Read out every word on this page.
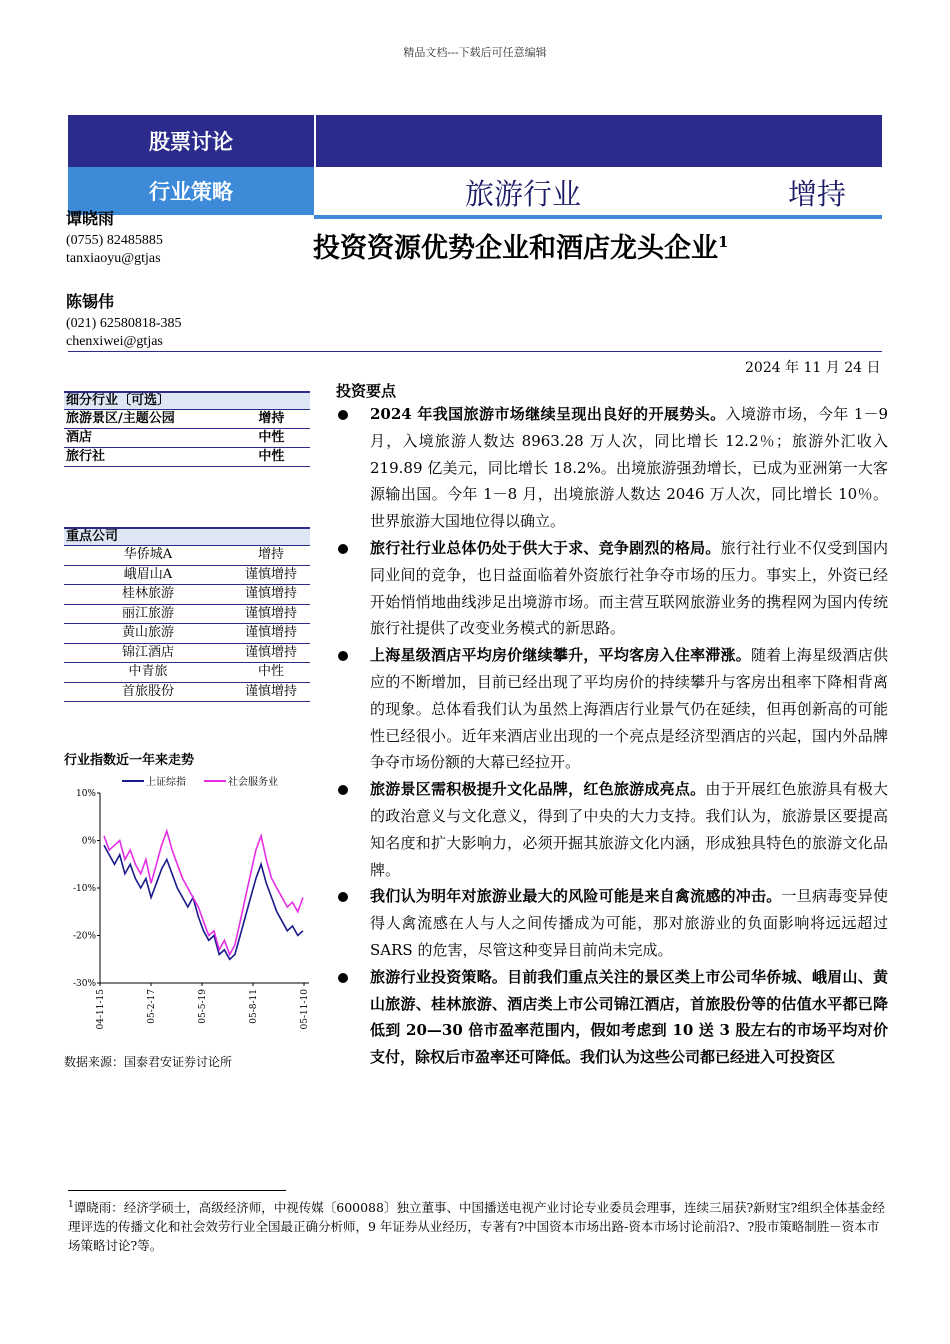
精品文档---下载后可任意编辑
股票讨论
行业策略	旅游行业	增持
投资资源优势企业和酒店龙头企业$^1$
谭晓雨
(0755) 82485885
tanxiaoyu@gtjas
陈锡伟
(021) 62580818-385
chenxiwei@gtjas
2024 年 11 月 24 日
细分行业〔可选〕
旅游景区/主题公园	增持
酒店	中性
旅行社	中性
重点公司
华侨城A	增持
峨眉山A	谨慎增持
桂林旅游	谨慎增持
丽江旅游	谨慎增持
黄山旅游	谨慎增持
锦江酒店	谨慎增持
中青旅	中性
首旅股份	谨慎增持
行业指数近一年来走势
10%
0%
-10%
-20%
-30%
04-11-15	05-2-17	05-5-19	05-8-11	05-11-10
上证综指	社会服务业
数据来源：国泰君安证券讨论所
投资要点

2024 年我国旅游市场继续呈现出良好的开展势头。入境游市场，今年 1－9 月，入境旅游人数达 8963.28 万人次，同比增长 12.2％；旅游外汇收入 219.89 亿美元，同比增长 18.2%。出境旅游强劲增长，已成为亚洲第一大客源输出国。今年 1－8 月，出境旅游人数达 2046 万人次，同比增长 10％。世界旅游大国地位得以确立。

旅行社行业总体仍处于供大于求、竞争剧烈的格局。旅行社行业不仅受到国内同业间的竞争，也日益面临着外资旅行社争夺市场的压力。事实上，外资已经开始悄悄地曲线涉足出境游市场。而主营互联网旅游业务的携程网为国内传统旅行社提供了改变业务模式的新思路。

上海星级酒店平均房价继续攀升，平均客房入住率滞涨。随着上海星级酒店供应的不断增加，目前已经出现了平均房价的持续攀升与客房出租率下降相背离的现象。总体看我们认为虽然上海酒店行业景气仍在延续，但再创新高的可能性已经很小。近年来酒店业出现的一个亮点是经济型酒店的兴起，国内外品牌争夺市场份额的大幕已经拉开。

旅游景区需积极提升文化品牌，红色旅游成亮点。由于开展红色旅游具有极大的政治意义与文化意义，得到了中央的大力支持。我们认为，旅游景区要提高知名度和扩大影响力，必须开掘其旅游文化内涵，形成独具特色的旅游文化品牌。

我们认为明年对旅游业最大的风险可能是来自禽流感的冲击。一旦病毒变异使得人禽流感在人与人之间传播成为可能，那对旅游业的负面影响将远远超过 SARS 的危害，尽管这种变异目前尚未完成。

旅游行业投资策略。目前我们重点关注的景区类上市公司华侨城、峨眉山、黄山旅游、桂林旅游、酒店类上市公司锦江酒店，首旅股份等的估值水平都已降低到 20—30 倍市盈率范围内，假如考虑到 10 送 3 股左右的市场平均对价支付，除权后市盈率还可降低。我们认为这些公司都已经进入可投资区

$^1$谭晓雨：经济学硕士，高级经济师，中视传媒〔600088〕独立董事、中国播送电视产业讨论专业委员会理事，连续三届获?新财宝?组织全体基金经理评选的传播文化和社会效劳行业全国最正确分析师，9 年证券从业经历，专著有?中国资本市场出路-资本市场讨论前沿?、?股市策略制胜－资本市场策略讨论?等。
